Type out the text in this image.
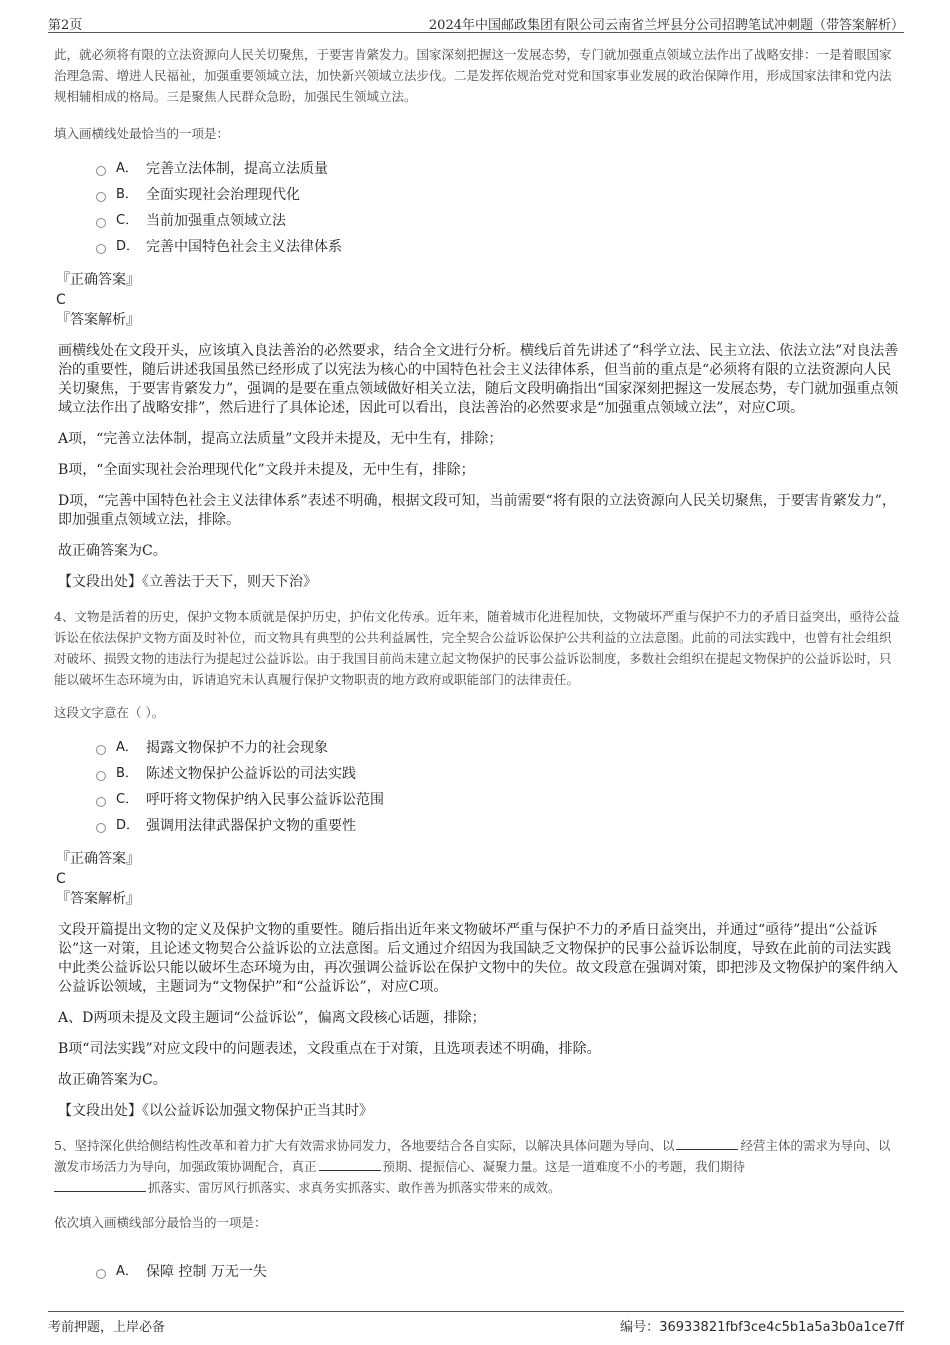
第2页	2024年中国邮政集团有限公司云南省兰坪县分公司招聘笔试冲刺题（带答案解析）

此，就必须将有限的立法资源向人民关切聚焦，于要害肯綮发力。国家深刻把握这一发展态势，专门就加强重点领域立法作出了战略安排：一是着眼国家治理急需、增进人民福祉，加强重要领域立法，加快新兴领域立法步伐。二是发挥依规治党对党和国家事业发展的政治保障作用，形成国家法律和党内法规相辅相成的格局。三是聚焦人民群众急盼，加强民生领域立法。

填入画横线处最恰当的一项是：

A． 完善立法体制，提高立法质量
B． 全面实现社会治理现代化
C． 当前加强重点领域立法
D． 完善中国特色社会主义法律体系

『正确答案』

C

『答案解析』

画横线处在文段开头，应该填入良法善治的必然要求，结合全文进行分析。横线后首先讲述了“科学立法、民主立法、依法立法”对良法善治的重要性，随后讲述我国虽然已经形成了以宪法为核心的中国特色社会主义法律体系，但当前的重点是“必须将有限的立法资源向人民关切聚焦，于要害肯綮发力”，强调的是要在重点领域做好相关立法，随后文段明确指出“国家深刻把握这一发展态势，专门就加强重点领域立法作出了战略安排”，然后进行了具体论述，因此可以看出，良法善治的必然要求是“加强重点领域立法”，对应C项。

A项，“完善立法体制，提高立法质量”文段并未提及，无中生有，排除；

B项，“全面实现社会治理现代化”文段并未提及，无中生有，排除；

D项，“完善中国特色社会主义法律体系”表述不明确，根据文段可知，当前需要“将有限的立法资源向人民关切聚焦，于要害肯綮发力”，即加强重点领域立法，排除。

故正确答案为C。

【文段出处】《立善法于天下，则天下治》

4、文物是活着的历史，保护文物本质就是保护历史，护佑文化传承。近年来，随着城市化进程加快，文物破坏严重与保护不力的矛盾日益突出，亟待公益诉讼在依法保护文物方面及时补位，而文物具有典型的公共利益属性，完全契合公益诉讼保护公共利益的立法意图。此前的司法实践中，也曾有社会组织对破坏、损毁文物的违法行为提起过公益诉讼。由于我国目前尚未建立起文物保护的民事公益诉讼制度，多数社会组织在提起文物保护的公益诉讼时，只能以破坏生态环境为由，诉请追究未认真履行保护文物职责的地方政府或职能部门的法律责任。

这段文字意在（ ）。

A． 揭露文物保护不力的社会现象
B． 陈述文物保护公益诉讼的司法实践
C． 呼吁将文物保护纳入民事公益诉讼范围
D． 强调用法律武器保护文物的重要性

『正确答案』

C

『答案解析』

文段开篇提出文物的定义及保护文物的重要性。随后指出近年来文物破坏严重与保护不力的矛盾日益突出，并通过“亟待”提出“公益诉讼”这一对策，且论述文物契合公益诉讼的立法意图。后文通过介绍因为我国缺乏文物保护的民事公益诉讼制度，导致在此前的司法实践中此类公益诉讼只能以破坏生态环境为由，再次强调公益诉讼在保护文物中的失位。故文段意在强调对策，即把涉及文物保护的案件纳入公益诉讼领域，主题词为“文物保护”和“公益诉讼”，对应C项。

A、D两项未提及文段主题词“公益诉讼”，偏离文段核心话题，排除；

B项“司法实践”对应文段中的问题表述，文段重点在于对策，且选项表述不明确，排除。

故正确答案为C。

【文段出处】《以公益诉讼加强文物保护正当其时》

5、坚持深化供给侧结构性改革和着力扩大有效需求协同发力，各地要结合各自实际，以解决具体问题为导向、以	经营主体的需求为导向、以激发市场活力为导向，加强政策协调配合，真正	预期、提振信心、凝聚力量。这是一道难度不小的考题，我们期待
抓落实、雷厉风行抓落实、求真务实抓落实、敢作善为抓落实带来的成效。

依次填入画横线部分最恰当的一项是：

A． 保障 控制 万无一失
考前押题，上岸必备	编号：36933821fbf3ce4c5b1a5a3b0a1ce7ff
